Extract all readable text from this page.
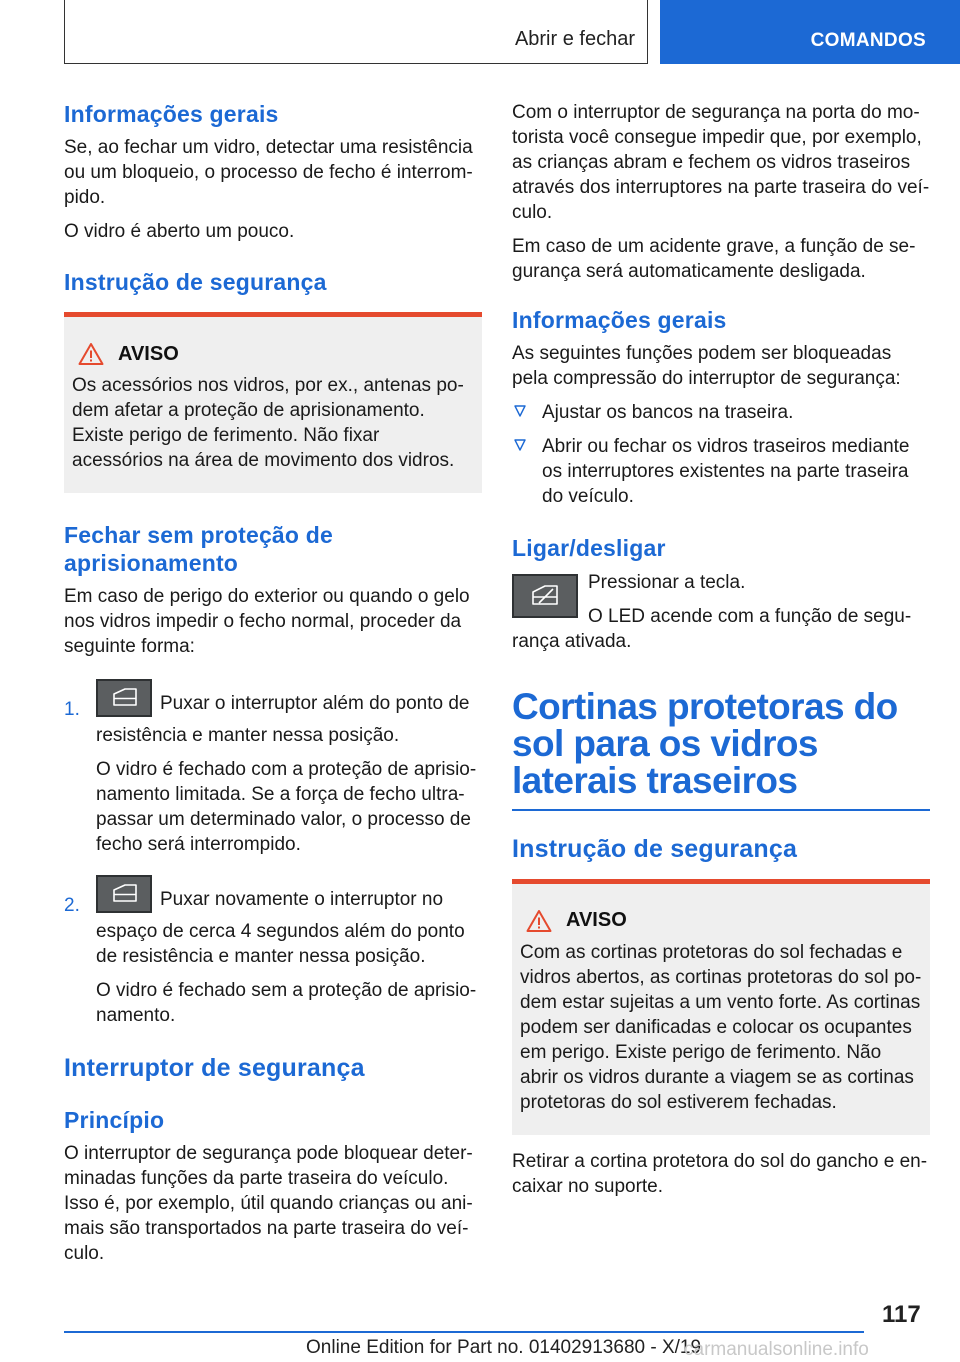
Abrir e fechar	COMANDOS
Informações gerais

Se, ao fechar um vidro, detectar uma resistência ou um bloqueio, o processo de fecho é interrom‐pido.

O vidro é aberto um pouco.

Instrução de segurança
AVISO

Os acessórios nos vidros, por ex., antenas po‐dem afetar a proteção de aprisionamento. Existe perigo de ferimento. Não fixar acessórios na área de movimento dos vidros.

Fechar sem proteção de aprisionamento

Em caso de perigo do exterior ou quando o gelo nos vidros impedir o fecho normal, proceder da seguinte forma:

1.	Puxar o interruptor além do ponto de resistência e manter nessa posição.

O vidro é fechado com a proteção de aprisio‐namento limitada. Se a força de fecho ultra‐passar um determinado valor, o processo de fecho será interrompido.

2.	Puxar novamente o interruptor no espaço de cerca 4 segundos além do ponto de resistência e manter nessa posição.

O vidro é fechado sem a proteção de aprisio‐namento.

Interruptor de segurança
Princípio

O interruptor de segurança pode bloquear deter‐minadas funções da parte traseira do veículo. Isso é, por exemplo, útil quando crianças ou ani‐mais são transportados na parte traseira do veí‐culo.

Com o interruptor de segurança na porta do mo‐torista você consegue impedir que, por exemplo, as crianças abram e fechem os vidros traseiros através dos interruptores na parte traseira do veí‐culo.

Em caso de um acidente grave, a função de se‐gurança será automaticamente desligada.

Informações gerais

As seguintes funções podem ser bloqueadas pela compressão do interruptor de segurança:

Ajustar os bancos na traseira.

Abrir ou fechar os vidros traseiros mediante os interruptores existentes na parte traseira do veículo.

Ligar/desligar

Pressionar a tecla.

O LED acende com a função de segu‐rança ativada.

Cortinas protetoras do sol para os vidros laterais traseiros
Instrução de segurança
AVISO

Com as cortinas protetoras do sol fechadas e vidros abertos, as cortinas protetoras do sol po‐dem estar sujeitas a um vento forte. As cortinas podem ser danificadas e colocar os ocupantes em perigo. Existe perigo de ferimento. Não abrir os vidros durante a viagem se as cortinas protetoras do sol estiverem fechadas.

Retirar a cortina protetora do sol do gancho e en‐caixar no suporte.

117
Online Edition for Part no. 01402913680 - X/19
carmanualsonline.info
